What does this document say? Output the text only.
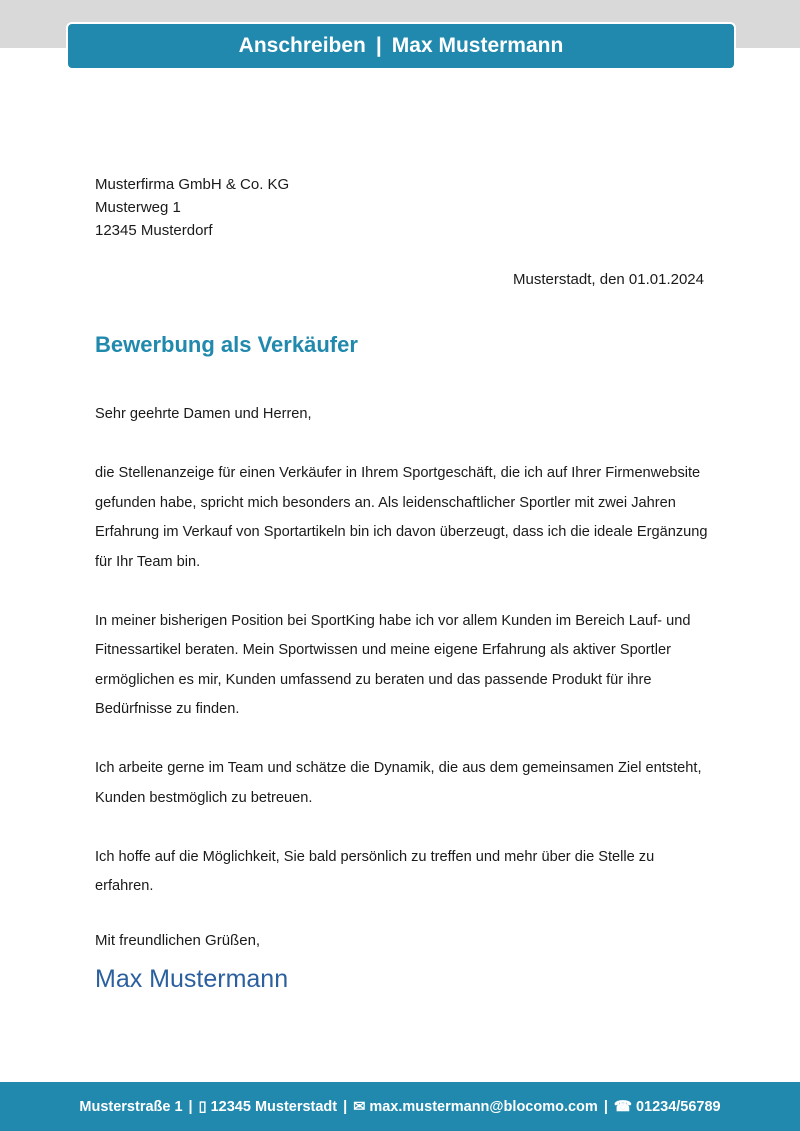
Anschreiben | Max Mustermann
Musterfirma GmbH & Co. KG
Musterweg 1
12345 Musterdorf
Musterstadt, den 01.01.2024
Bewerbung als Verkäufer

Sehr geehrte Damen und Herren,

die Stellenanzeige für einen Verkäufer in Ihrem Sportgeschäft, die ich auf Ihrer Firmenwebsite gefunden habe, spricht mich besonders an. Als leidenschaftlicher Sportler mit zwei Jahren Erfahrung im Verkauf von Sportartikeln bin ich davon überzeugt, dass ich die ideale Ergänzung für Ihr Team bin.

In meiner bisherigen Position bei SportKing habe ich vor allem Kunden im Bereich Lauf- und Fitnessartikel beraten. Mein Sportwissen und meine eigene Erfahrung als aktiver Sportler ermöglichen es mir, Kunden umfassend zu beraten und das passende Produkt für ihre Bedürfnisse zu finden.

Ich arbeite gerne im Team und schätze die Dynamik, die aus dem gemeinsamen Ziel entsteht, Kunden bestmöglich zu betreuen.

Ich hoffe auf die Möglichkeit, Sie bald persönlich zu treffen und mehr über die Stelle zu erfahren.

Mit freundlichen Grüßen,
Max Mustermann
Musterstraße 1 | ▯ 12345 Musterstadt | ✉ max.mustermann@blocomo.com | ☎ 01234/56789
